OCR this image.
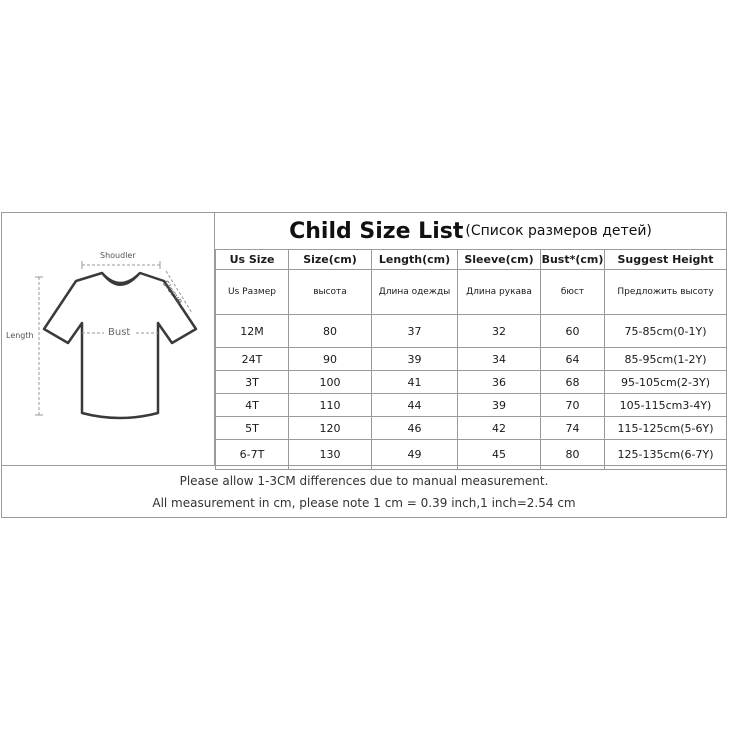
Shoudler
Sleeve
Length	Bust
Child Size List (Список размеров детей)
Us Size	Size(cm)	Length(cm)	Sleeve(cm)	Bust*(cm)	Suggest Height
Us Размер	высота	Длина одежды	Длина рукава	бюст	Предложить высоту
12M	80	37	32	60	75-85cm(0-1Y)
24T	90	39	34	64	85-95cm(1-2Y)
3T	100	41	36	68	95-105cm(2-3Y)
4T	110	44	39	70	105-115cm3-4Y)
5T	120	46	42	74	115-125cm(5-6Y)
6-7T	130	49	45	80	125-135cm(6-7Y)
Please allow 1-3CM differences due to manual measurement.
All measurement in cm, please note 1 cm = 0.39 inch,1 inch=2.54 cm
